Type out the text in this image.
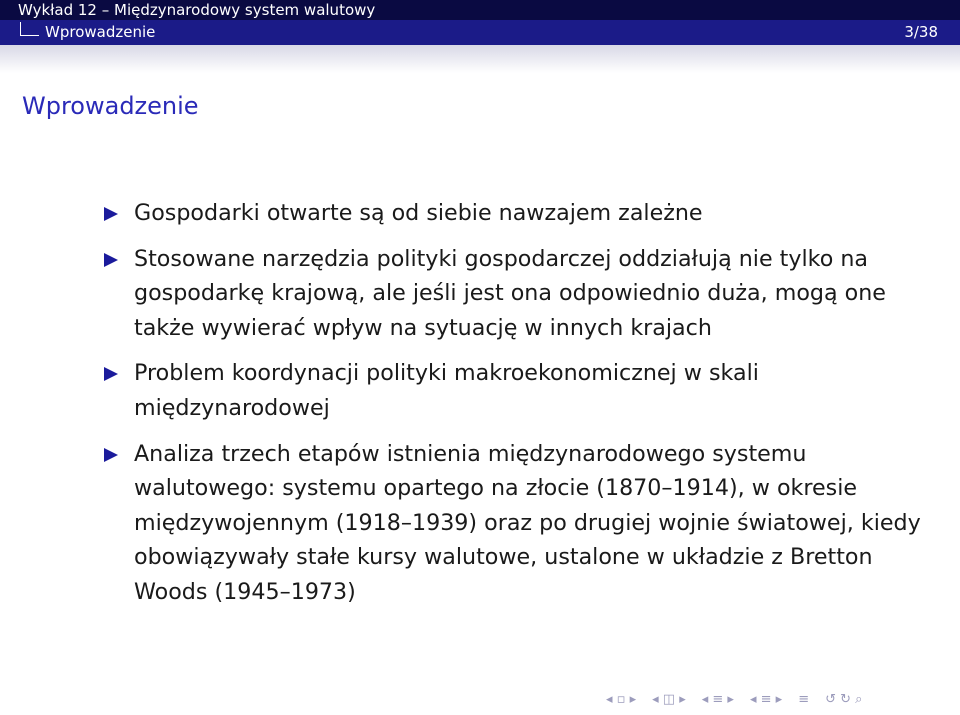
Wykład 12 – Międzynarodowy system walutowy
Wprowadzenie	3/38
Wprowadzenie
Gospodarki otwarte są od siebie nawzajem zależne
Stosowane narzędzia polityki gospodarczej oddziałują nie tylko na gospodarkę krajową, ale jeśli jest ona odpowiednio duża, mogą one także wywierać wpływ na sytuację w innych krajach
Problem koordynacji polityki makroekonomicznej w skali międzynarodowej
Analiza trzech etapów istnienia międzynarodowego systemu walutowego: systemu opartego na złocie (1870–1914), w okresie międzywojennym (1918–1939) oraz po drugiej wojnie światowej, kiedy obowiązywały stałe kursy walutowe, ustalone w układzie z Bretton Woods (1945–1973)
◂ ▫ ▸ ◂ ◫ ▸ ◂ ≡ ▸ ◂ ≡ ▸ ≡ ↺ ↻ ⌕
